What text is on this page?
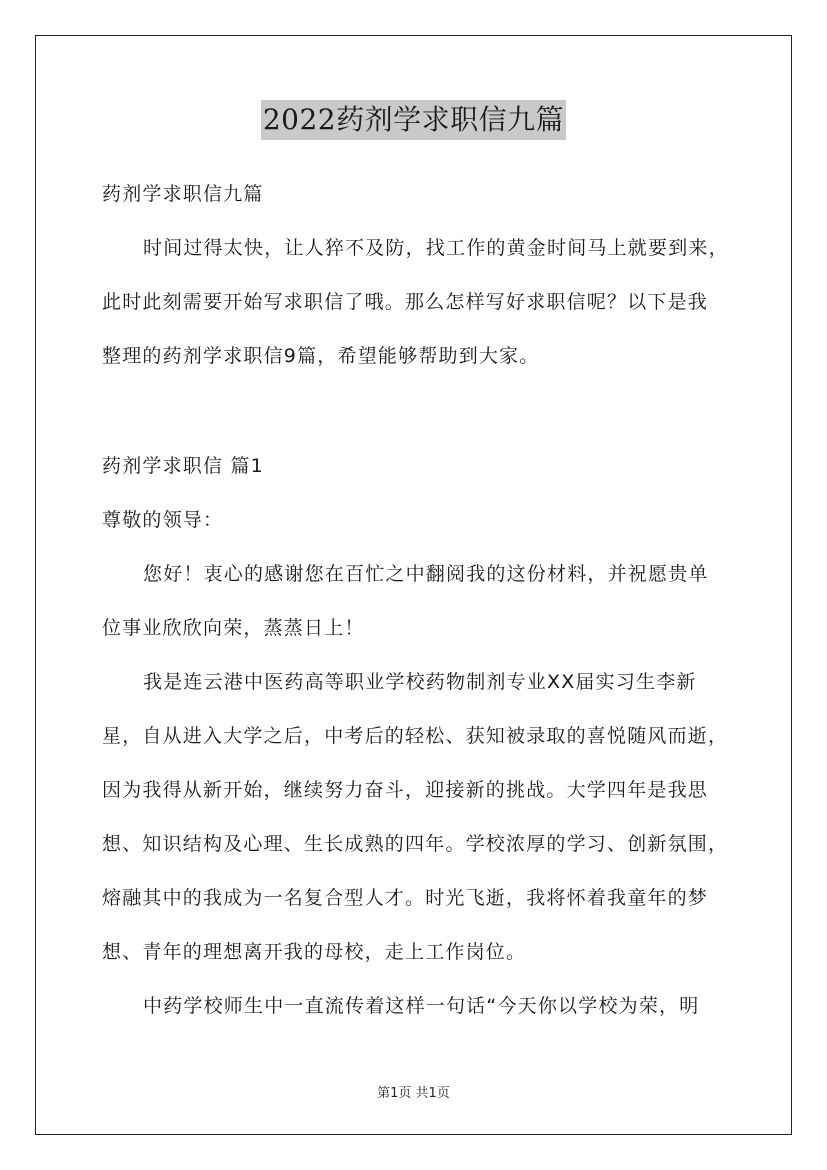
2022药剂学求职信九篇
药剂学求职信九篇
时间过得太快，让人猝不及防，找工作的黄金时间马上就要到来，
此时此刻需要开始写求职信了哦。那么怎样写好求职信呢？以下是我
整理的药剂学求职信9篇，希望能够帮助到大家。
药剂学求职信 篇1
尊敬的领导：
您好！衷心的感谢您在百忙之中翻阅我的这份材料，并祝愿贵单
位事业欣欣向荣，蒸蒸日上！
我是连云港中医药高等职业学校药物制剂专业XX届实习生李新
星，自从进入大学之后，中考后的轻松、获知被录取的喜悦随风而逝，
因为我得从新开始，继续努力奋斗，迎接新的挑战。大学四年是我思
想、知识结构及心理、生长成熟的四年。学校浓厚的学习、创新氛围，
熔融其中的我成为一名复合型人才。时光飞逝，我将怀着我童年的梦
想、青年的理想离开我的母校，走上工作岗位。
中药学校师生中一直流传着这样一句话“今天你以学校为荣，明
第1页 共1页
